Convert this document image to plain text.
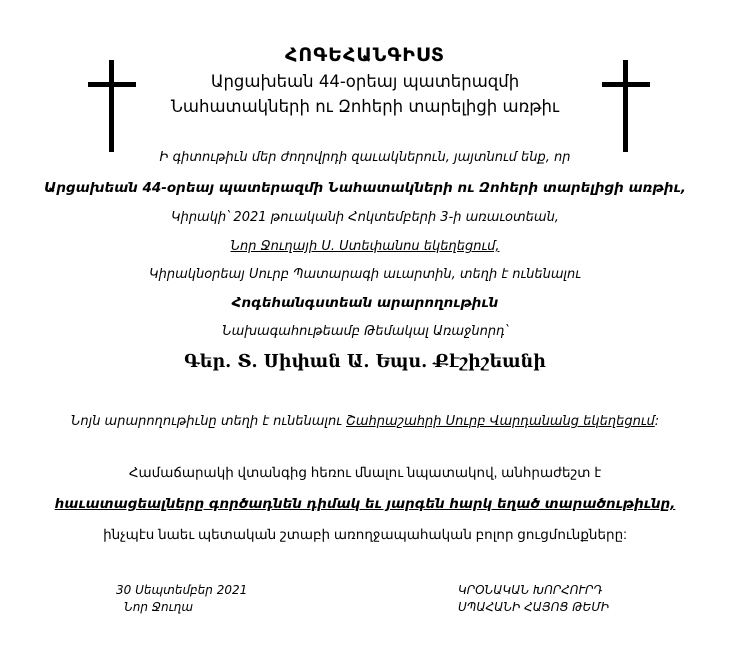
ՀՈԳԵՀԱՆԳԻՍՏ
Արցախեան 44-օրեայ պատերազմի
Նահատակների ու Զոհերի տարելիցի առթիւ
Ի գիտութիւն մեր ժողովրդի զաւակներուն, յայտնում ենք, որ
Արցախեան 44-օրեայ պատերազմի Նահատակների ու Զոհերի տարելիցի առթիւ,
Կիրակի՝ 2021 թուականի Հոկտեմբերի 3-ի առաւօտեան,
Նոր Ջուղայի Ս. Ստեփանոս եկեղեցում,
Կիրակնօրեայ Սուրբ Պատարագի աւարտին, տեղի է ունենալու
Հոգեհանգստեան արարողութիւն
Նախագահութեամբ Թեմակալ Առաջնորդ՝
Գեր․ Տ. Սիփան Ա. Եպս. Քէշիշեանի
Նոյն արարողութիւնը տեղի է ունենալու Շահրաշահրի Սուրբ Վարդանանց եկեղեցում:
Համաճարակի վտանգից հեռու մնալու նպատակով, անհրաժեշտ է
հաւատացեալները գործադնեն դիմակ եւ յարգեն հարկ եղած տարածութիւնը,
ինչպէս նաեւ պետական շտաբի առողջապահական բոլոր ցուցմունքները:
30 Սեպտեմբեր 2021
Նոր Ջուղա
ԿՐՕՆԱԿԱՆ ԽՈՐՀՈՒՐԴ
ՍՊԱՀԱՆԻ ՀԱՅՈՑ ԹԵՄԻ
